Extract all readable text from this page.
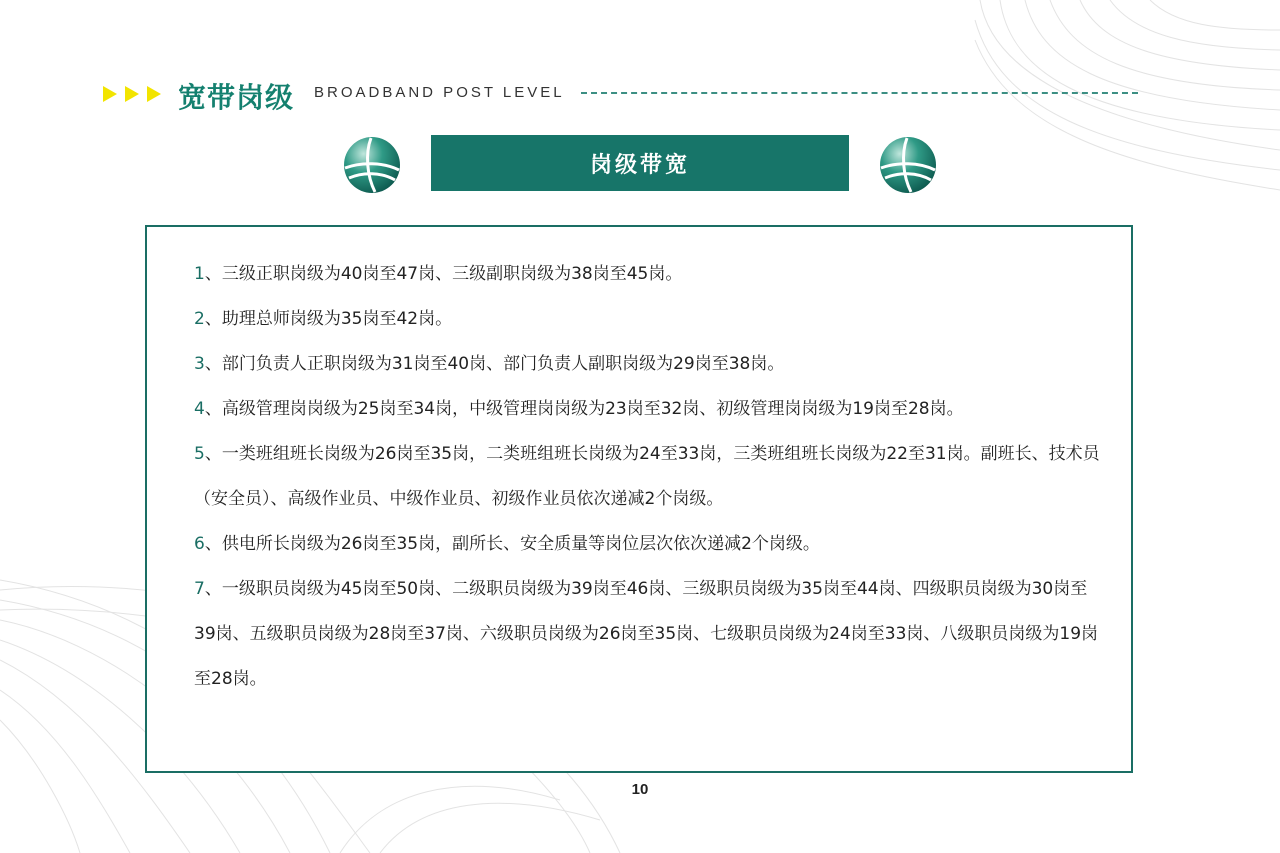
宽带岗级 BROADBAND POST LEVEL
岗级带宽

1、三级正职岗级为40岗至47岗、三级副职岗级为38岗至45岗。

2、助理总师岗级为35岗至42岗。

3、部门负责人正职岗级为31岗至40岗、部门负责人副职岗级为29岗至38岗。

4、高级管理岗岗级为25岗至34岗，中级管理岗岗级为23岗至32岗、初级管理岗岗级为19岗至28岗。

5、一类班组班长岗级为26岗至35岗，二类班组班长岗级为24至33岗，三类班组班长岗级为22至31岗。副班长、技术员（安全员）、高级作业员、中级作业员、初级作业员依次递减2个岗级。

6、供电所长岗级为26岗至35岗，副所长、安全质量等岗位层次依次递减2个岗级。

7、一级职员岗级为45岗至50岗、二级职员岗级为39岗至46岗、三级职员岗级为35岗至44岗、四级职员岗级为30岗至39岗、五级职员岗级为28岗至37岗、六级职员岗级为26岗至35岗、七级职员岗级为24岗至33岗、八级职员岗级为19岗至28岗。

10
